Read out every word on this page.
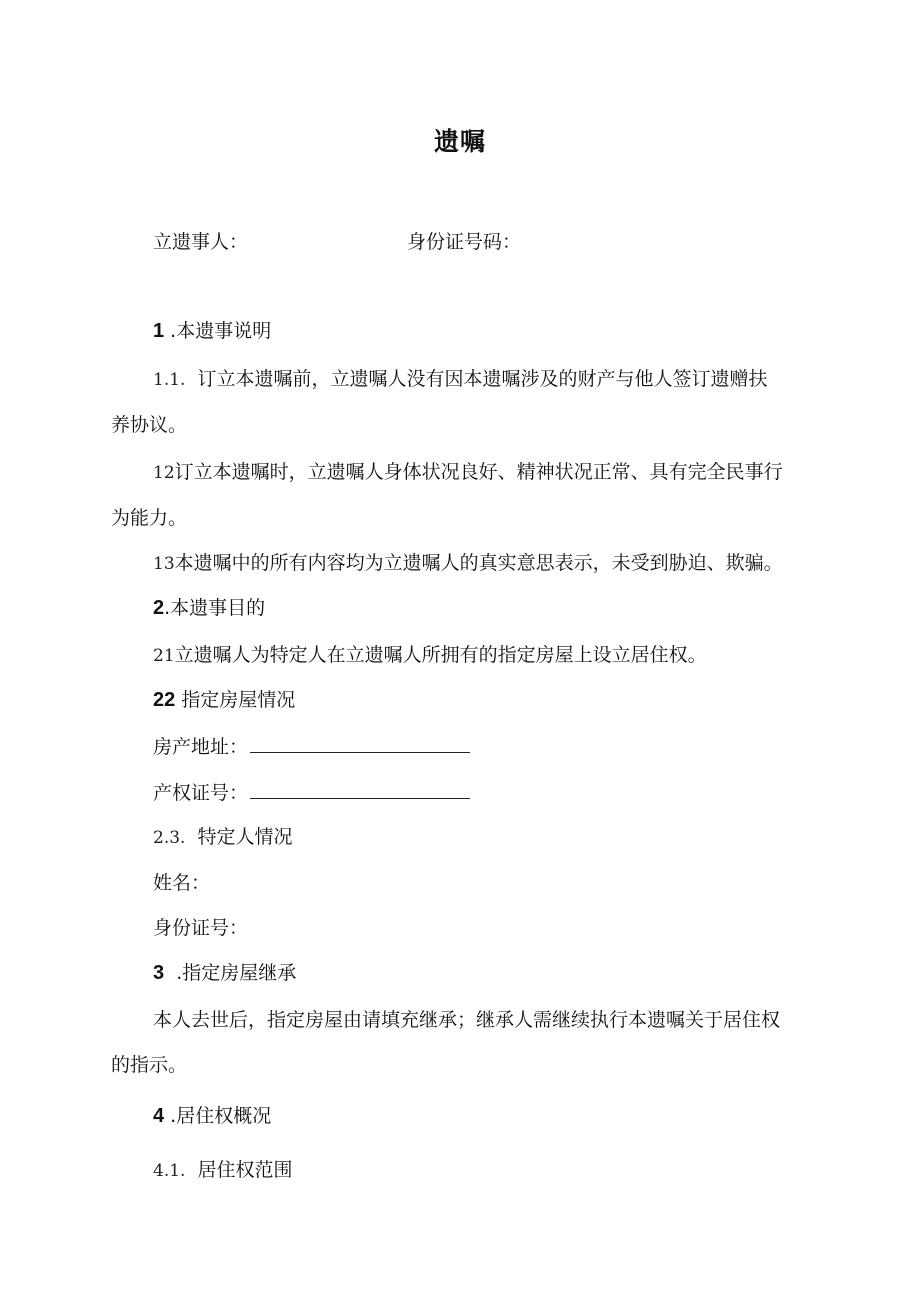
遗嘱
立遗事人：	身份证号码：
1 .本遗事说明
1.1. 订立本遗嘱前，立遗嘱人没有因本遗嘱涉及的财产与他人签订遗赠扶
养协议。
12订立本遗嘱时，立遗嘱人身体状况良好、精神状况正常、具有完全民事行
为能力。
13本遗嘱中的所有内容均为立遗嘱人的真实意思表示，未受到胁迫、欺骗。
2.本遗事目的
21立遗嘱人为特定人在立遗嘱人所拥有的指定房屋上设立居住权。
22 指定房屋情况
房产地址：
产权证号：
2.3. 特定人情况
姓名：
身份证号：
3  .指定房屋继承
本人去世后，指定房屋由请填充继承；继承人需继续执行本遗嘱关于居住权
的指示。
4 .居住权概况
4.1. 居住权范围
